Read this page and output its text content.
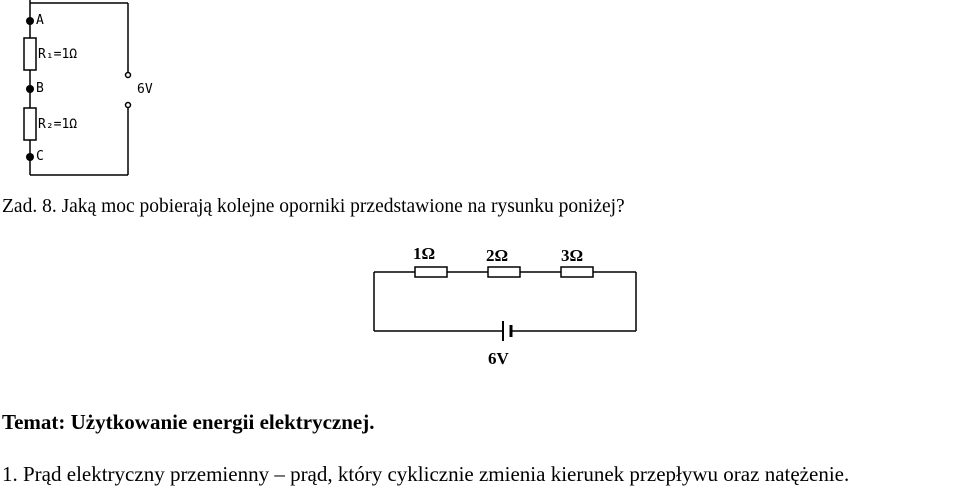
A
R₁=1Ω
B
R₂=1Ω
C
6V

Zad. 8. Jaką moc pobierają kolejne oporniki przedstawione na rysunku poniżej?

1Ω	2Ω	3Ω
6V

Temat: Użytkowanie energii elektrycznej.

1. Prąd elektryczny przemienny – prąd, który cyklicznie zmienia kierunek przepływu oraz natężenie.
